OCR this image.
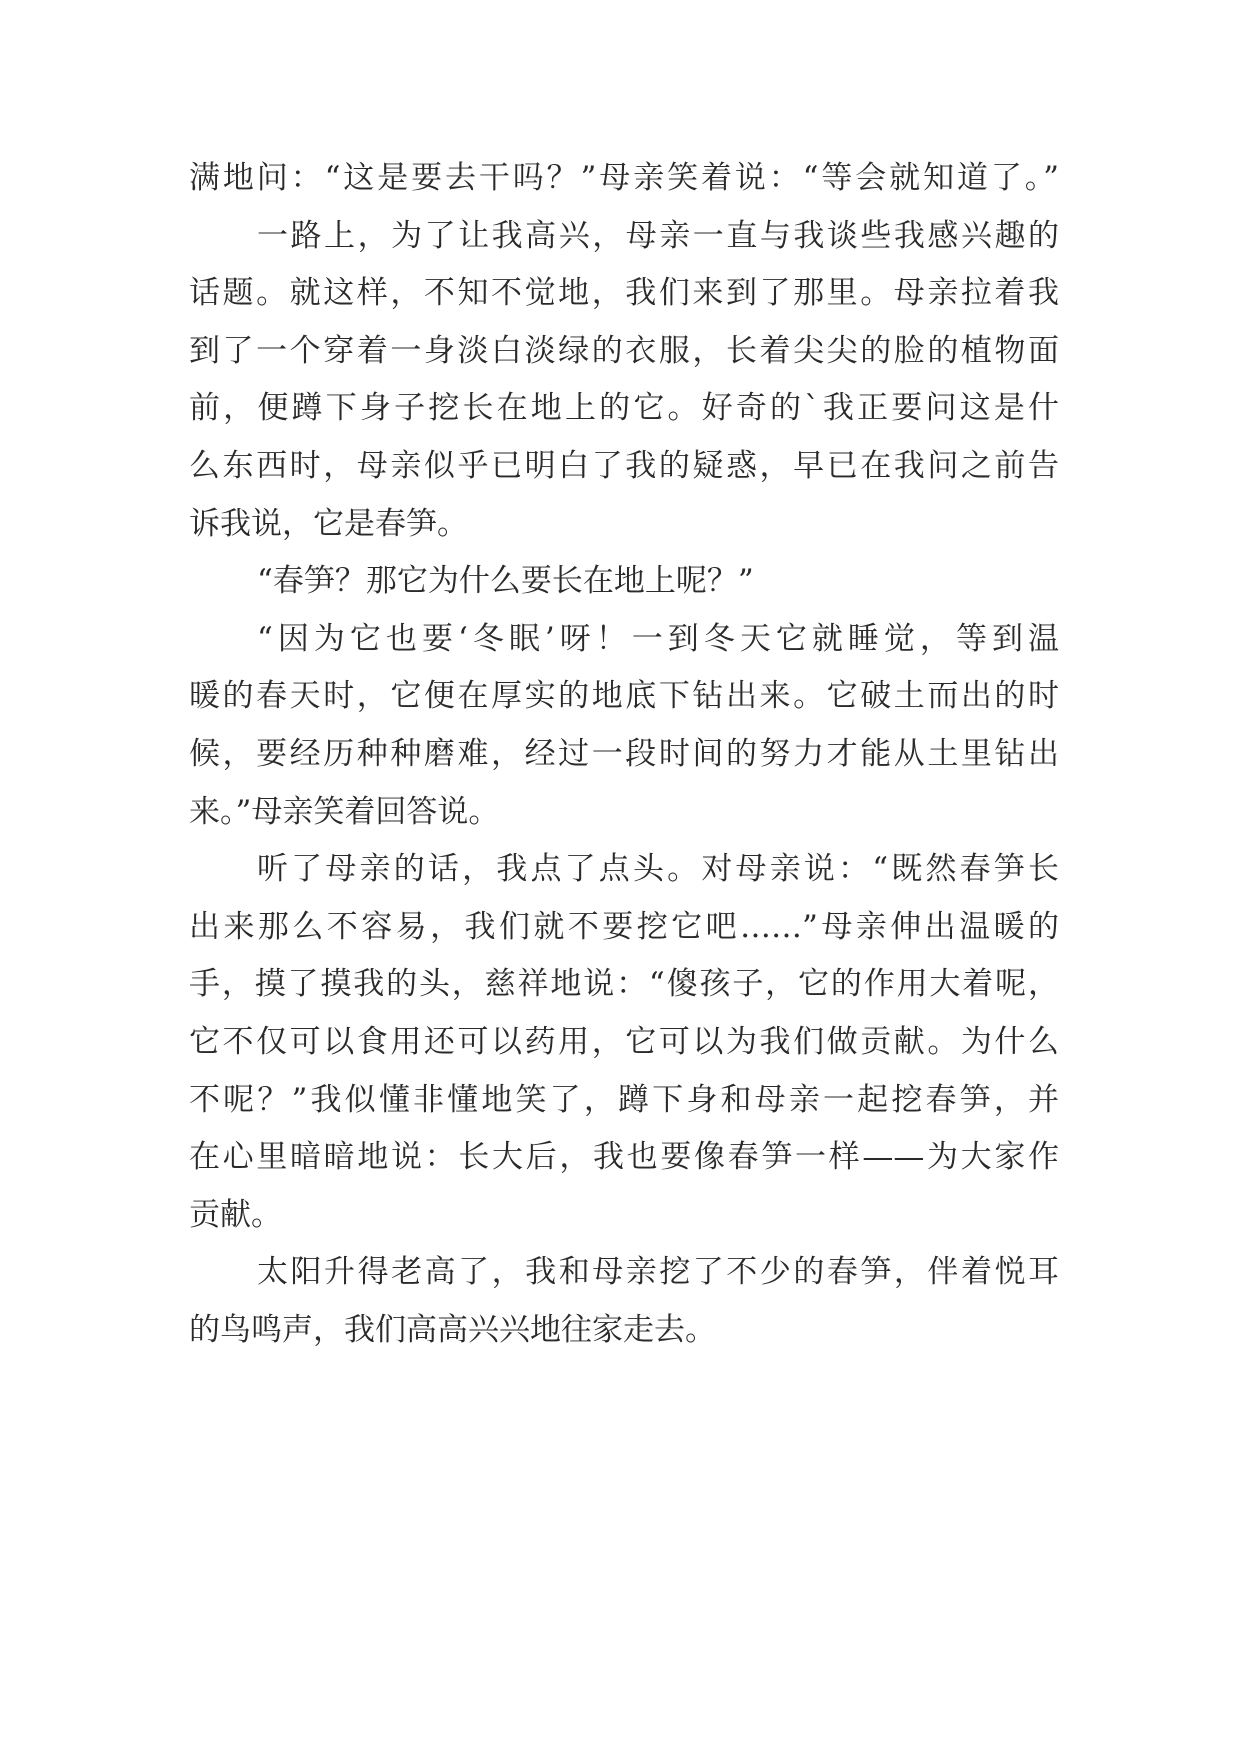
满地问：“这是要去干吗？”母亲笑着说：“等会就知道了。”
一路上，为了让我高兴，母亲一直与我谈些我感兴趣的
话题。就这样，不知不觉地，我们来到了那里。母亲拉着我
到了一个穿着一身淡白淡绿的衣服，长着尖尖的脸的植物面
前，便蹲下身子挖长在地上的它。好奇的`我正要问这是什
么东西时，母亲似乎已明白了我的疑惑，早已在我问之前告
诉我说，它是春笋。
“春笋？那它为什么要长在地上呢？”
“因为它也要‘冬眠’呀！一到冬天它就睡觉，等到温
暖的春天时，它便在厚实的地底下钻出来。它破土而出的时
候，要经历种种磨难，经过一段时间的努力才能从土里钻出
来。”母亲笑着回答说。
听了母亲的话，我点了点头。对母亲说：“既然春笋长
出来那么不容易，我们就不要挖它吧……”母亲伸出温暖的
手，摸了摸我的头，慈祥地说：“傻孩子，它的作用大着呢，
它不仅可以食用还可以药用，它可以为我们做贡献。为什么
不呢？”我似懂非懂地笑了，蹲下身和母亲一起挖春笋，并
在心里暗暗地说：长大后，我也要像春笋一样——为大家作
贡献。
太阳升得老高了，我和母亲挖了不少的春笋，伴着悦耳
的鸟鸣声，我们高高兴兴地往家走去。
